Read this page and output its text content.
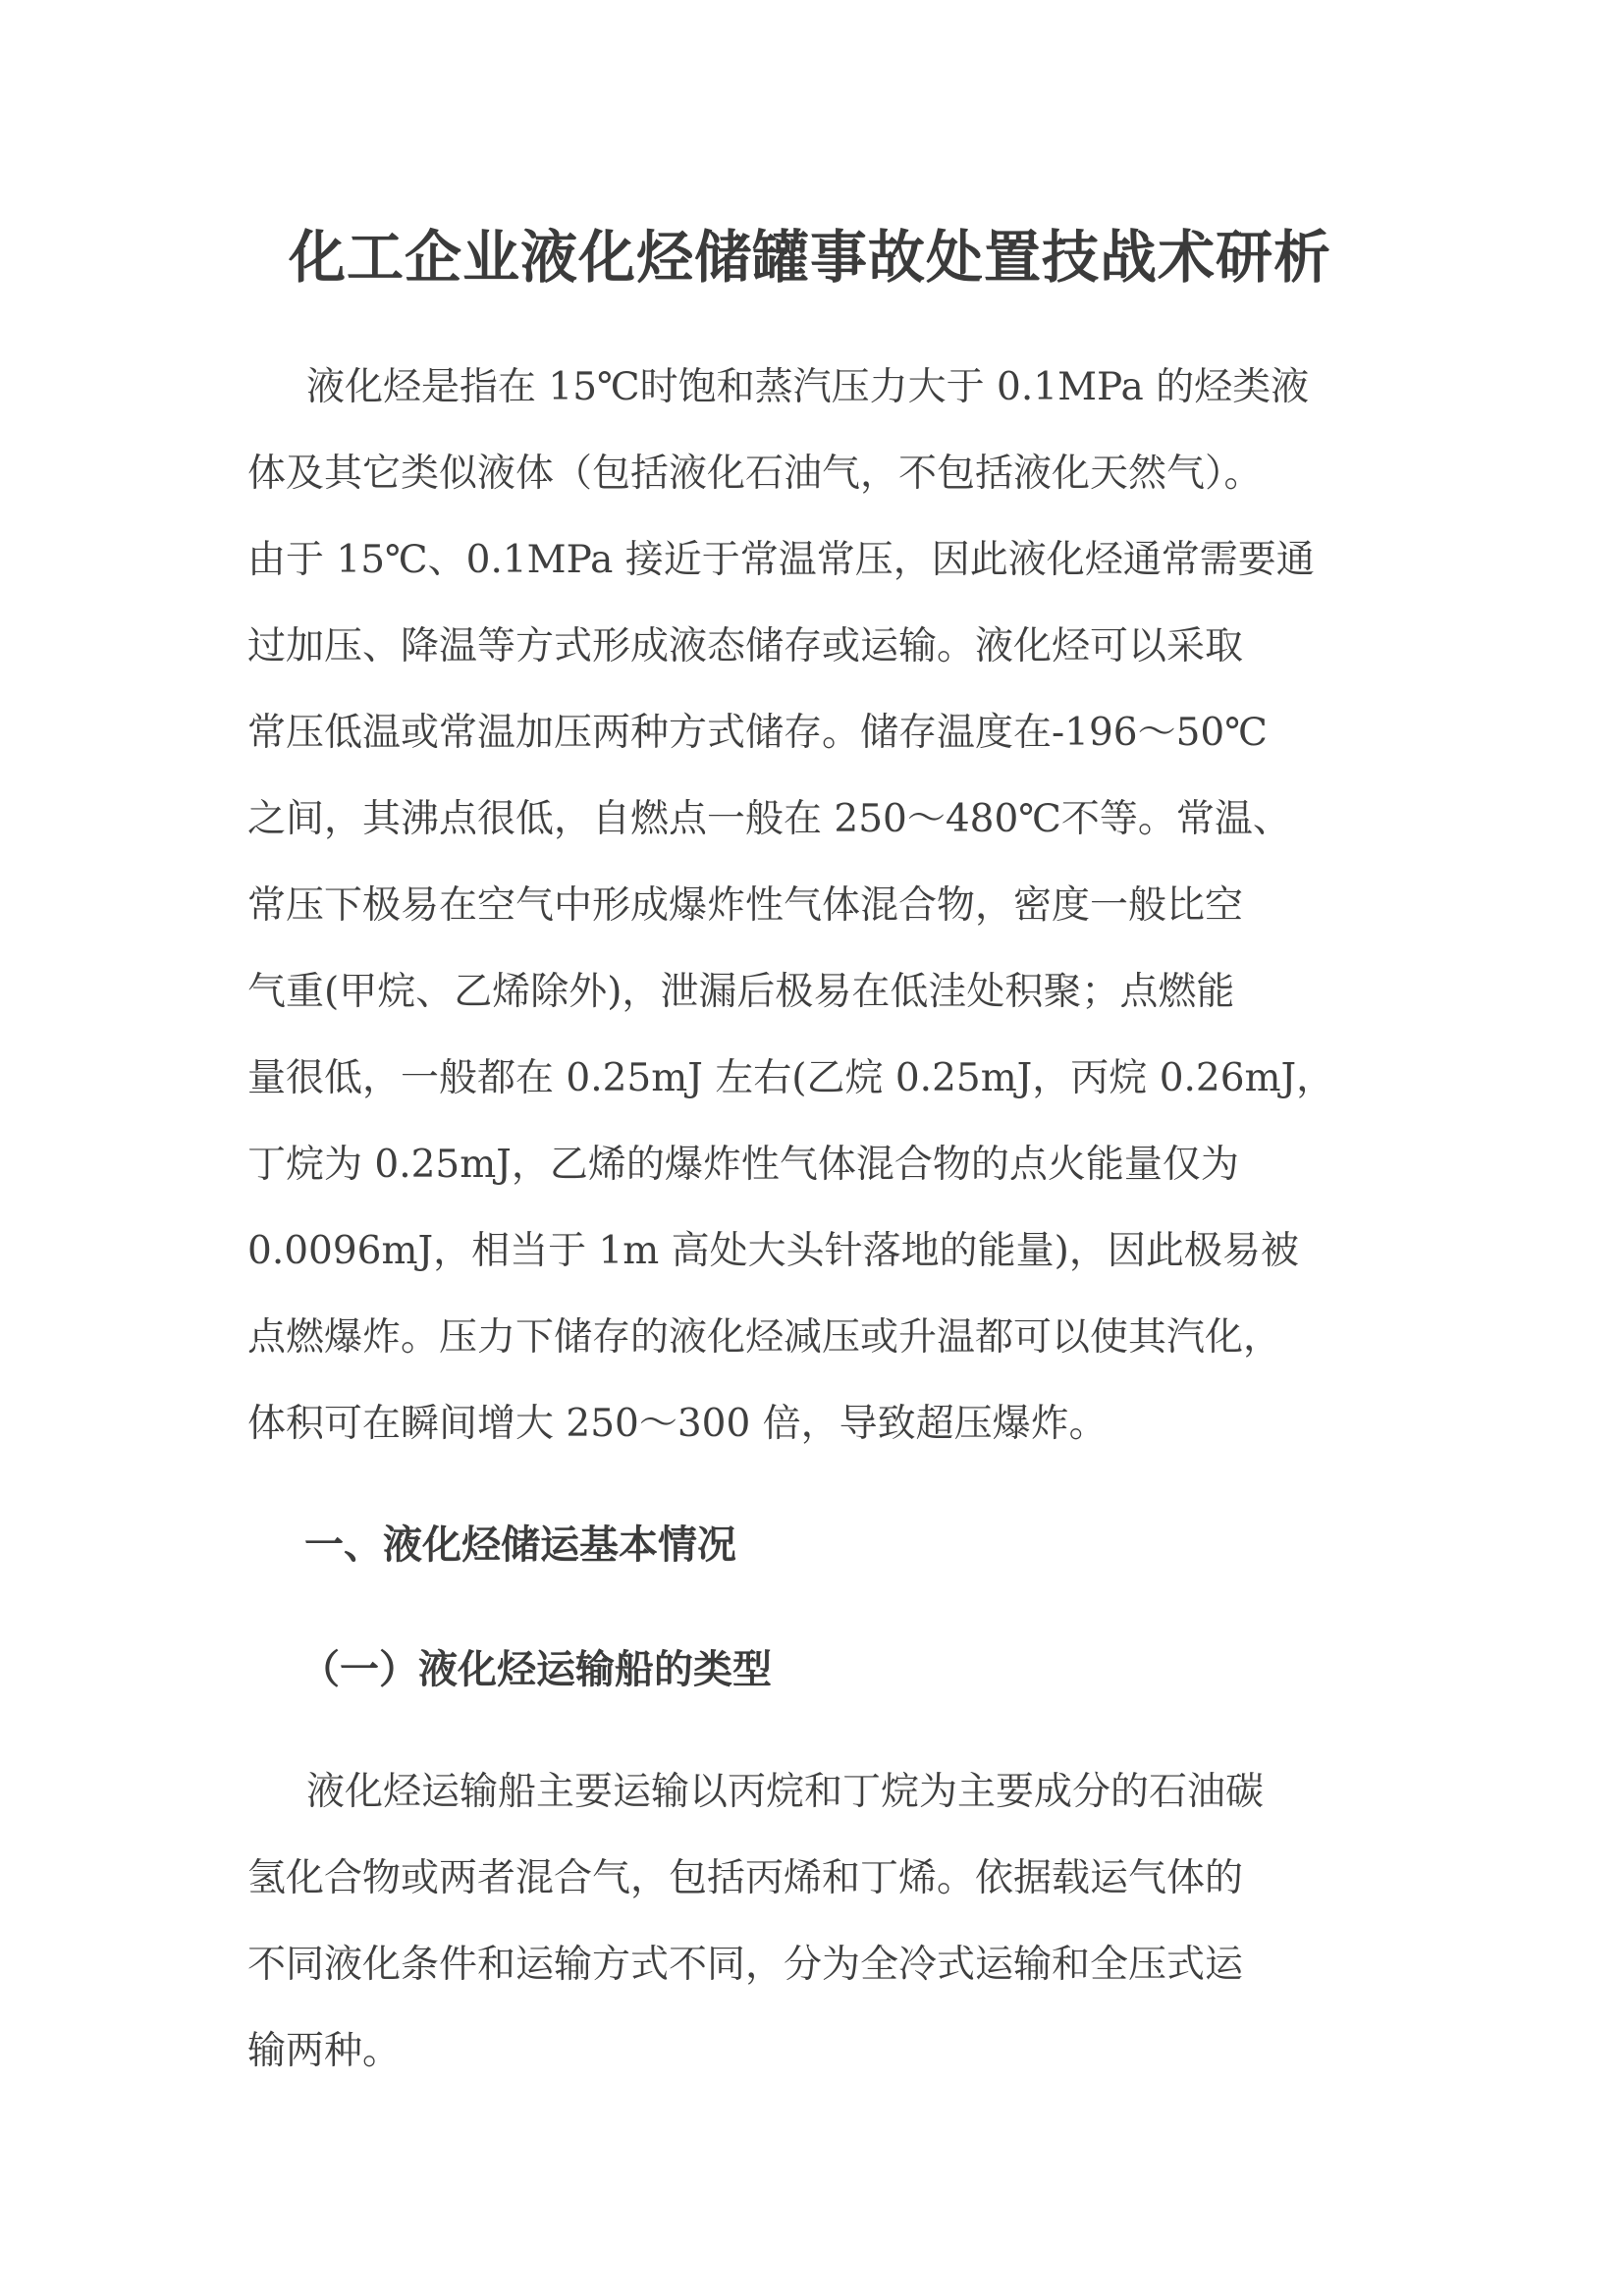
化工企业液化烃储罐事故处置技战术研析
液化烃是指在 15℃时饱和蒸汽压力大于 0.1MPa 的烃类液
体及其它类似液体（包括液化石油气，不包括液化天然气）。
由于 15℃、0.1MPa 接近于常温常压，因此液化烃通常需要通
过加压、降温等方式形成液态储存或运输。液化烃可以采取
常压低温或常温加压两种方式储存。储存温度在-196～50℃
之间，其沸点很低，自燃点一般在 250～480℃不等。常温、
常压下极易在空气中形成爆炸性气体混合物，密度一般比空
气重(甲烷、乙烯除外)，泄漏后极易在低洼处积聚；点燃能
量很低，一般都在 0.25mJ 左右(乙烷 0.25mJ，丙烷 0.26mJ，
丁烷为 0.25mJ，乙烯的爆炸性气体混合物的点火能量仅为
0.0096mJ，相当于 1m 高处大头针落地的能量)，因此极易被
点燃爆炸。压力下储存的液化烃减压或升温都可以使其汽化，
体积可在瞬间增大 250～300 倍，导致超压爆炸。
一、液化烃储运基本情况
（一）液化烃运输船的类型
液化烃运输船主要运输以丙烷和丁烷为主要成分的石油碳
氢化合物或两者混合气，包括丙烯和丁烯。依据载运气体的
不同液化条件和运输方式不同，分为全冷式运输和全压式运
输两种。
